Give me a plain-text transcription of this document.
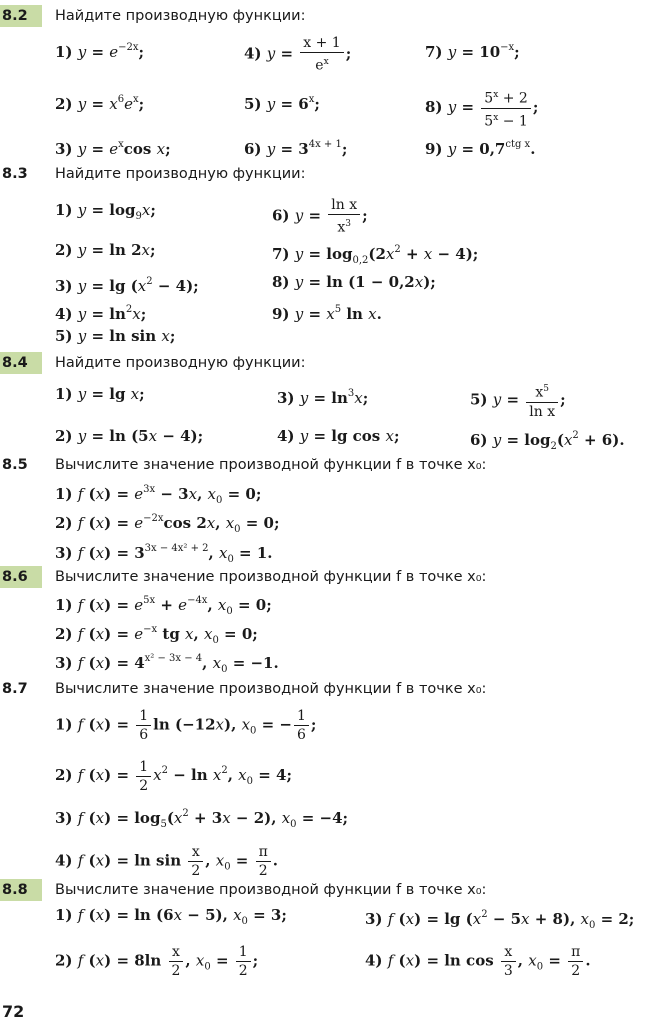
8.2	Найдите производную функции:
1) $y = e^{-2x}$;	4) $y = \frac{x + 1}{e^x}$ ;	7) $y = 10^{-x}$;
2) $y = x^6e^x$;	5) $y = 6^x$;	8) $y = \frac{5^x + 2}{5^x - 1}$ ;
3) $y = e^x\cos$ x;	6) $y = 3^{4x + 1}$;	9) $y = 0,7^{ctg x}$.
8.3	Найдите производную функции:
1) $y = \log_9x$;	6) $y = \frac{\text{ln x}}{x^3}$ ;
2) y = ln 2x;	7) $y = \log_{0,2}(2x^2 + x - 4)$;
3) $y = \lg (x^2 - 4)$;	8) y = ln (1 − 0,2x);
4) $y = \ln^2x$;	9) $y = x^5$ ln x.
5) y = ln sin x;
8.4	Найдите производную функции:
1) y = lg x;	3) $y = \ln^3x$;	5) $y = \frac{x^5}{\text{ln x}}$ ;
2) y = ln (5x − 4);	4) y = lg cos x;	6) $y = \log_2(x^2 + 6)$.
8.5	Вычислите значение производной функции f в точке x₀:
1) f $(x) = e^{3x} - 3x$, $x_0 = 0$;
2) f $(x) = e^{-2x}\cos$ 2x, $x_0 = 0$;
3) f $(x) = 3^{3x - 4x^2 + 2}$, $x_0 = 1$.
8.6	Вычислите значение производной функции f в точке x₀:
1) f $(x) = e^{5x} + e^{-4x}$, $x_0 = 0$;
2) f $(x) = e^{-x}$ tg x, $x_0 = 0$;
3) f $(x) = 4^{x^2 - 3x - 4}$, $x_0 = -1$.
8.7	Вычислите значение производной функции f в точке x₀:
1) f $(x) = \frac{1}{6}$ ln (−12x), $x_0$ = − $\frac{1}{6}$ ;
2) f $(x) = \frac{1}{2} x^2 - \ln x^2$, $x_0 = 4$;
3) f $(x) = \log_5(x^2 + 3x - 2)$, $x_0 = -4$;
4) f $(x) = \ln \sin \frac{x}{2}$ , $x_0 = \frac{\pi}{2}$ .
8.8	Вычислите значение производной функции f в точке x₀:
1) f (x) = ln (6x − 5), $x_0 = 3$;	3) f $(x) = \lg (x^2 - 5x + 8)$, $x_0 = 2$;
2) f $(x) = 8\ln \frac{x}{2}$ , $x_0 = \frac{1}{2}$ ;	4) f $(x) = \ln \cos \frac{x}{3}$ , $x_0 = \frac{\pi}{2}$ .
72
